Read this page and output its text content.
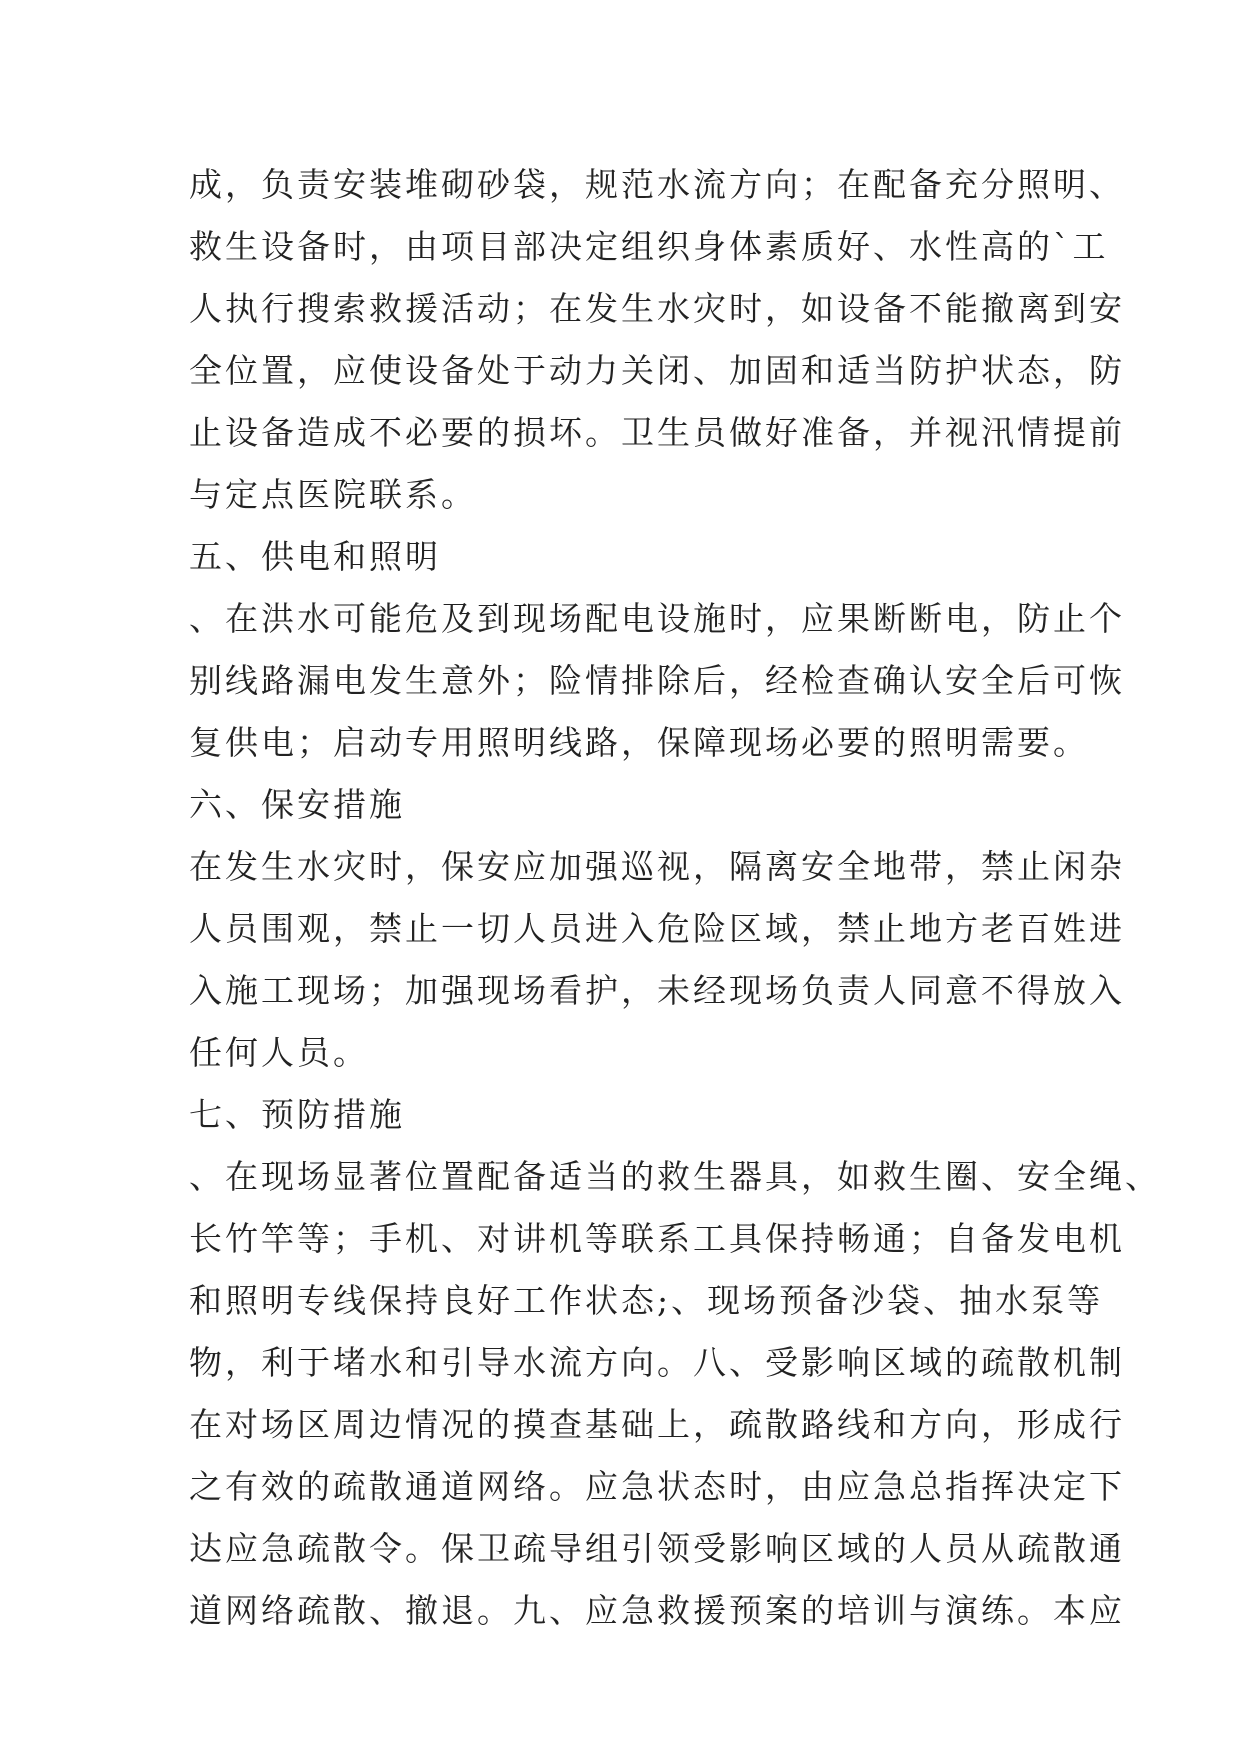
成，负责安装堆砌砂袋，规范水流方向；在配备充分照明、
救生设备时，由项目部决定组织身体素质好、水性高的`工
人执行搜索救援活动；在发生水灾时，如设备不能撤离到安
全位置，应使设备处于动力关闭、加固和适当防护状态，防
止设备造成不必要的损坏。卫生员做好准备，并视汛情提前
与定点医院联系。
五、供电和照明
、在洪水可能危及到现场配电设施时，应果断断电，防止个
别线路漏电发生意外；险情排除后，经检查确认安全后可恢
复供电；启动专用照明线路，保障现场必要的照明需要。
六、保安措施
在发生水灾时，保安应加强巡视，隔离安全地带，禁止闲杂
人员围观，禁止一切人员进入危险区域，禁止地方老百姓进
入施工现场；加强现场看护，未经现场负责人同意不得放入
任何人员。
七、预防措施
、在现场显著位置配备适当的救生器具，如救生圈、安全绳、
长竹竿等；手机、对讲机等联系工具保持畅通；自备发电机
和照明专线保持良好工作状态;、现场预备沙袋、抽水泵等
物，利于堵水和引导水流方向。八、受影响区域的疏散机制
在对场区周边情况的摸查基础上，疏散路线和方向，形成行
之有效的疏散通道网络。应急状态时，由应急总指挥决定下
达应急疏散令。保卫疏导组引领受影响区域的人员从疏散通
道网络疏散、撤退。九、应急救援预案的培训与演练。本应
